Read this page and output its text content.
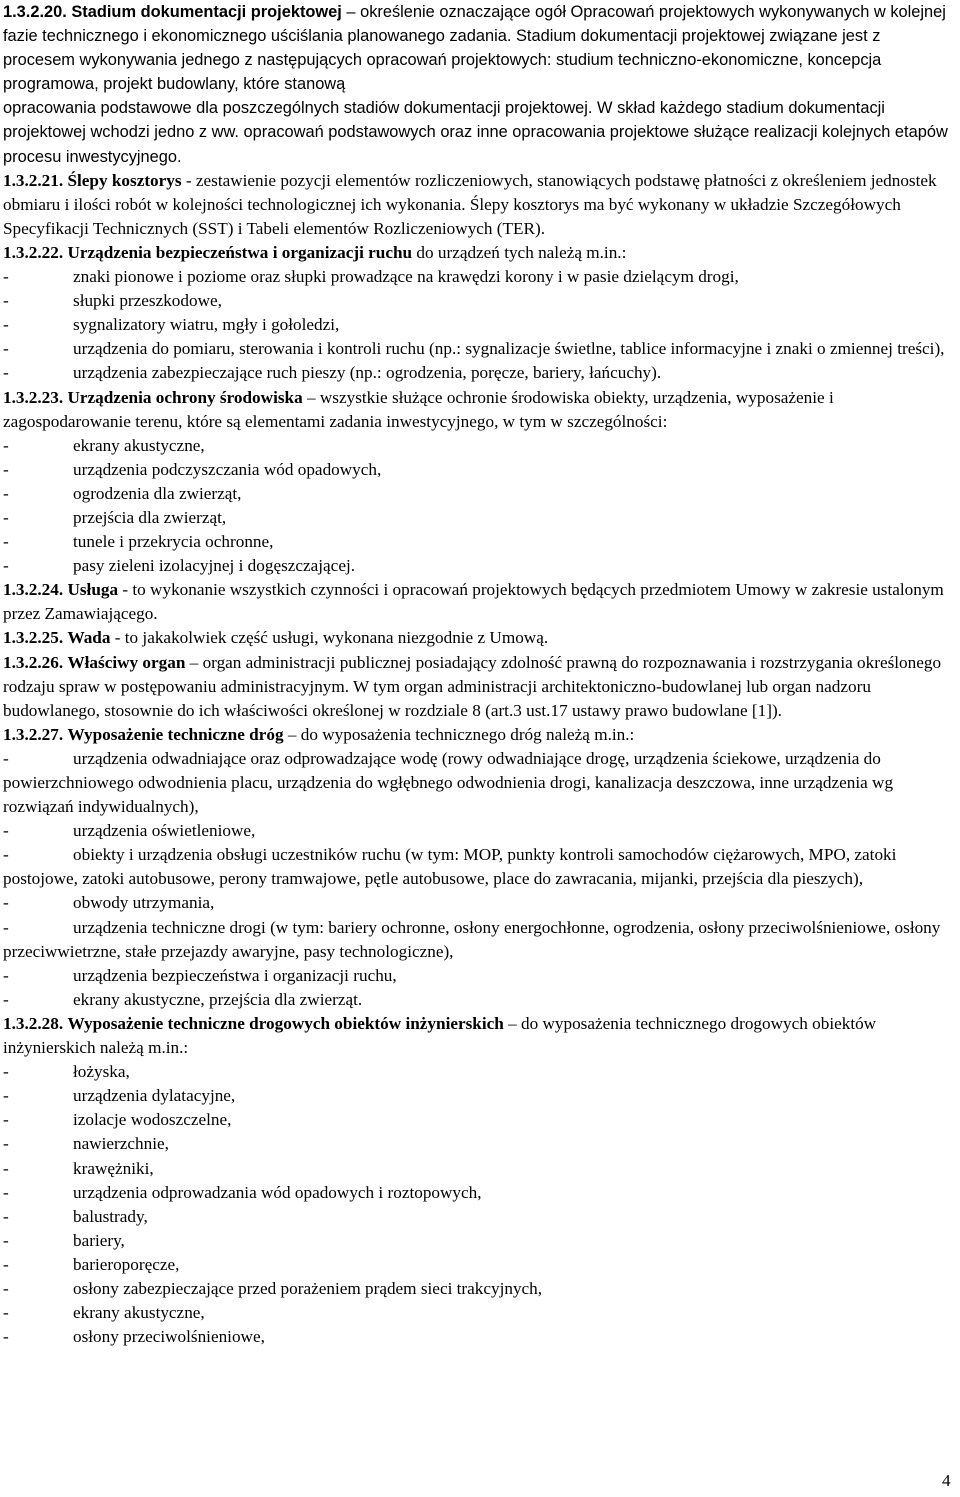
1.3.2.20. Stadium dokumentacji projektowej – określenie oznaczające ogół Opracowań projektowych wykonywanych w kolejnej fazie technicznego i ekonomicznego uściślania planowanego zadania. Stadium dokumentacji projektowej związane jest z procesem wykonywania jednego z następujących opracowań projektowych: studium techniczno-ekonomiczne, koncepcja programowa, projekt budowlany, które stanową

opracowania podstawowe dla poszczególnych stadiów dokumentacji projektowej. W skład każdego stadium dokumentacji projektowej wchodzi jedno z ww. opracowań podstawowych oraz inne opracowania projektowe służące realizacji kolejnych etapów procesu inwestycyjnego.

1.3.2.21. Ślepy kosztorys - zestawienie pozycji elementów rozliczeniowych, stanowiących podstawę płatności z określeniem jednostek obmiaru i ilości robót w kolejności technologicznej ich wykonania. Ślepy kosztorys ma być wykonany w układzie Szczegółowych Specyfikacji Technicznych (SST) i Tabeli elementów Rozliczeniowych (TER).

1.3.2.22. Urządzenia bezpieczeństwa i organizacji ruchu do urządzeń tych należą m.in.:

-	znaki pionowe i poziome oraz słupki prowadzące na krawędzi korony i w pasie dzielącym drogi,

-	słupki przeszkodowe,

-	sygnalizatory wiatru, mgły i gołoledzi,

-	urządzenia do pomiaru, sterowania i kontroli ruchu (np.: sygnalizacje świetlne, tablice informacyjne i znaki o zmiennej treści),

-	urządzenia zabezpieczające ruch pieszy (np.: ogrodzenia, poręcze, bariery, łańcuchy).

1.3.2.23. Urządzenia ochrony środowiska – wszystkie służące ochronie środowiska obiekty, urządzenia, wyposażenie i zagospodarowanie terenu, które są elementami zadania inwestycyjnego, w tym w szczególności:

-	ekrany akustyczne,

-	urządzenia podczyszczania wód opadowych,

-	ogrodzenia dla zwierząt,

-	przejścia dla zwierząt,

-	tunele i przekrycia ochronne,

-	pasy zieleni izolacyjnej i dogęszczającej.

1.3.2.24. Usługa - to wykonanie wszystkich czynności i opracowań projektowych będących przedmiotem Umowy w zakresie ustalonym przez Zamawiającego.

1.3.2.25. Wada - to jakakolwiek część usługi, wykonana niezgodnie z Umową.

1.3.2.26. Właściwy organ – organ administracji publicznej posiadający zdolność prawną do rozpoznawania i rozstrzygania określonego rodzaju spraw w postępowaniu administracyjnym. W tym organ administracji architektoniczno-budowlanej lub organ nadzoru budowlanego, stosownie do ich właściwości określonej w rozdziale 8 (art.3 ust.17 ustawy prawo budowlane [1]).

1.3.2.27. Wyposażenie techniczne dróg – do wyposażenia technicznego dróg należą m.in.:

-	urządzenia odwadniające oraz odprowadzające wodę (rowy odwadniające drogę, urządzenia ściekowe, urządzenia do powierzchniowego odwodnienia placu, urządzenia do wgłębnego odwodnienia drogi, kanalizacja deszczowa, inne urządzenia wg rozwiązań indywidualnych),

-	urządzenia oświetleniowe,

-	obiekty i urządzenia obsługi uczestników ruchu (w tym: MOP, punkty kontroli samochodów ciężarowych, MPO, zatoki postojowe, zatoki autobusowe, perony tramwajowe, pętle autobusowe, place do zawracania, mijanki, przejścia dla pieszych),

-	obwody utrzymania,

-	urządzenia techniczne drogi (w tym: bariery ochronne, osłony energochłonne, ogrodzenia, osłony przeciwolśnieniowe, osłony przeciwwietrzne, stałe przejazdy awaryjne, pasy technologiczne),

-	urządzenia bezpieczeństwa i organizacji ruchu,

-	ekrany akustyczne, przejścia dla zwierząt.

1.3.2.28. Wyposażenie techniczne drogowych obiektów inżynierskich – do wyposażenia technicznego drogowych obiektów inżynierskich należą m.in.:

-	łożyska,

-	urządzenia dylatacyjne,

-	izolacje wodoszczelne,

-	nawierzchnie,

-	krawężniki,

-	urządzenia odprowadzania wód opadowych i roztopowych,

-	balustrady,

-	bariery,

-	barieroporęcze,

-	osłony zabezpieczające przed porażeniem prądem sieci trakcyjnych,

-	ekrany akustyczne,

-	osłony przeciwolśnieniowe,

4
